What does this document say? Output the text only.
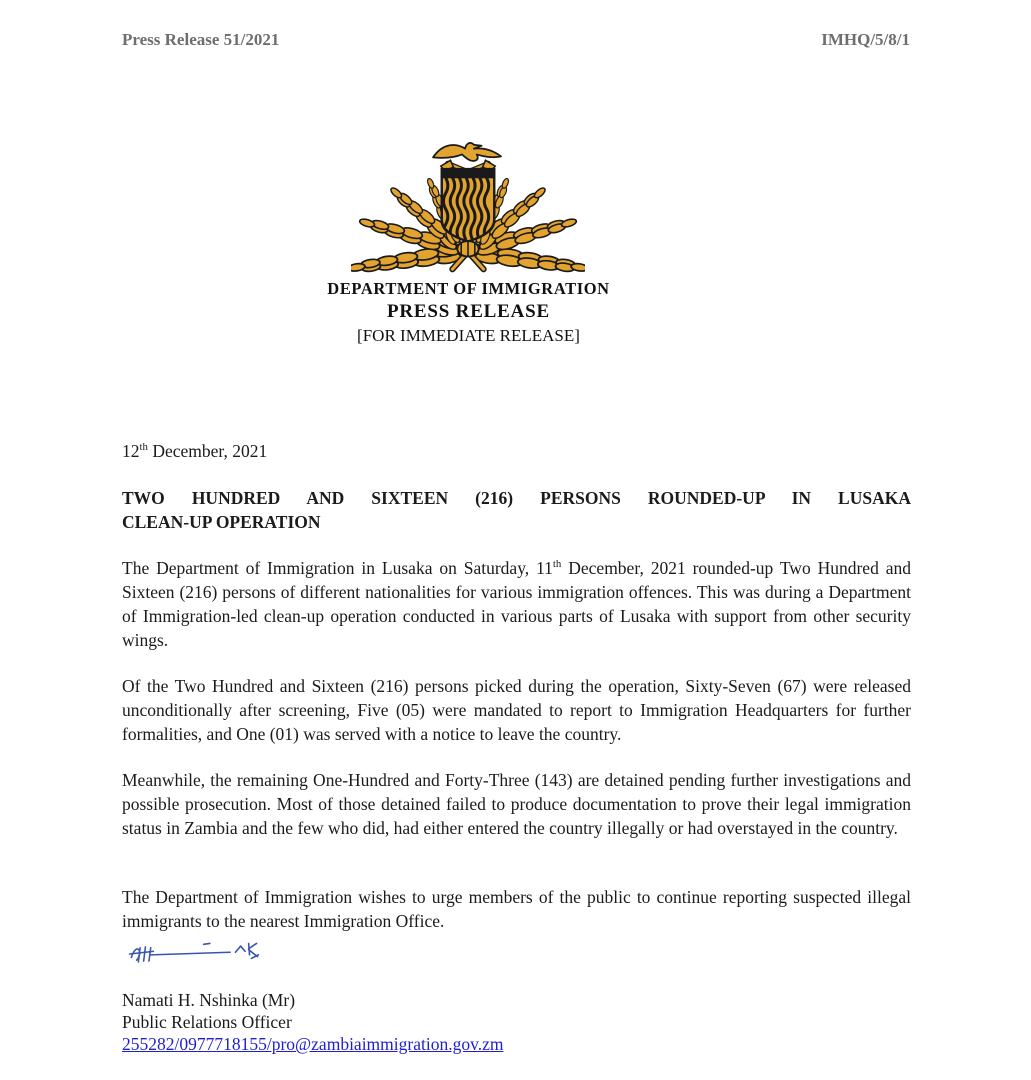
Press Release 51/2021	IMHQ/5/8/1
DEPARTMENT OF IMMIGRATION
PRESS RELEASE
[FOR IMMEDIATE RELEASE]
12th December, 2021
TWO HUNDRED AND SIXTEEN (216) PERSONS ROUNDED-UP IN LUSAKA
CLEAN-UP OPERATION
The Department of Immigration in Lusaka on Saturday, 11th December, 2021 rounded-up Two Hundred and Sixteen (216) persons of different nationalities for various immigration offences. This was during a Department of Immigration-led clean-up operation conducted in various parts of Lusaka with support from other security wings.
Of the Two Hundred and Sixteen (216) persons picked during the operation, Sixty-Seven (67) were released unconditionally after screening, Five (05) were mandated to report to Immigration Headquarters for further formalities, and One (01) was served with a notice to leave the country.
Meanwhile, the remaining One-Hundred and Forty-Three (143) are detained pending further investigations and possible prosecution. Most of those detained failed to produce documentation to prove their legal immigration status in Zambia and the few who did, had either entered the country illegally or had overstayed in the country.
The Department of Immigration wishes to urge members of the public to continue reporting suspected illegal immigrants to the nearest Immigration Office.
Namati H. Nshinka (Mr)
Public Relations Officer
255282/0977718155/pro@zambiaimmigration.gov.zm
